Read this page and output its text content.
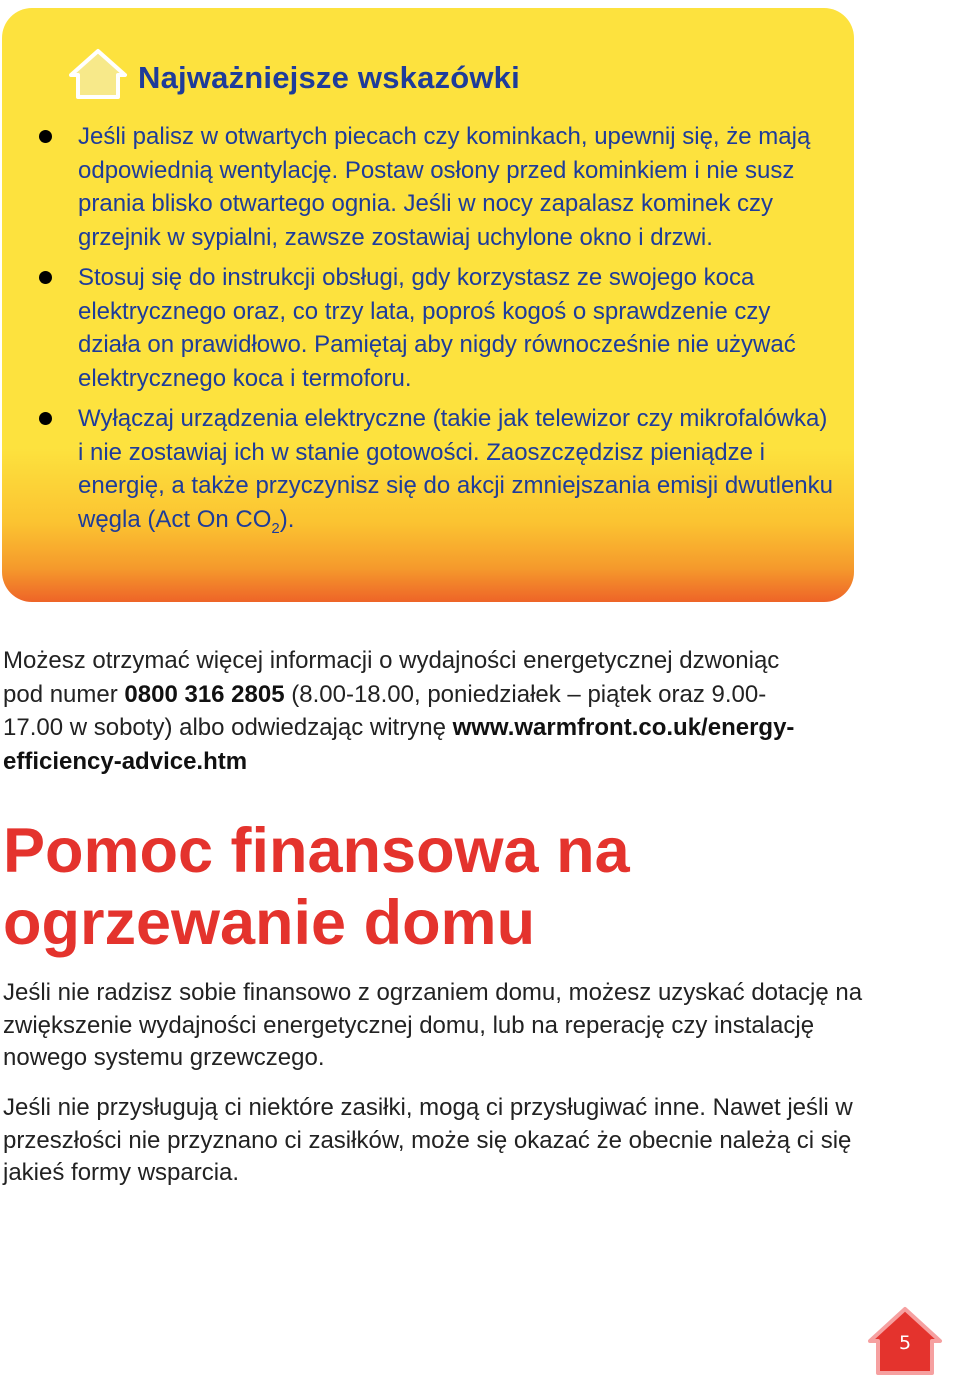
Najważniejsze wskazówki
Jeśli palisz w otwartych piecach czy kominkach, upewnij się, że mają odpowiednią wentylację. Postaw osłony przed kominkiem i nie susz prania blisko otwartego ognia. Jeśli w nocy zapalasz kominek czy grzejnik w sypialni, zawsze zostawiaj uchylone okno i drzwi.
Stosuj się do instrukcji obsługi, gdy korzystasz ze swojego koca elektrycznego oraz, co trzy lata, poproś kogoś o sprawdzenie czy działa on prawidłowo. Pamiętaj aby nigdy równocześnie nie używać elektrycznego koca i termoforu.
Wyłączaj urządzenia elektryczne (takie jak telewizor czy mikrofalówka) i nie zostawiaj ich w stanie gotowości. Zaoszczędzisz pieniądze i energię, a także przyczynisz się do akcji zmniejszania emisji dwutlenku węgla (Act On $CO_2$).

Możesz otrzymać więcej informacji o wydajności energetycznej dzwoniąc pod numer 0800 316 2805 (8.00-18.00, poniedziałek – piątek oraz 9.00-17.00 w soboty) albo odwiedzając witrynę www.warmfront.co.uk/energy-efficiency-advice.htm

Pomoc finansowa na
ogrzewanie domu

Jeśli nie radzisz sobie finansowo z ogrzaniem domu, możesz uzyskać dotację na zwiększenie wydajności energetycznej domu, lub na reperację czy instalację nowego systemu grzewczego.

Jeśli nie przysługują ci niektóre zasiłki, mogą ci przysługiwać inne. Nawet jeśli w przeszłości nie przyznano ci zasiłków, może się okazać że obecnie należą ci się jakieś formy wsparcia.

5
